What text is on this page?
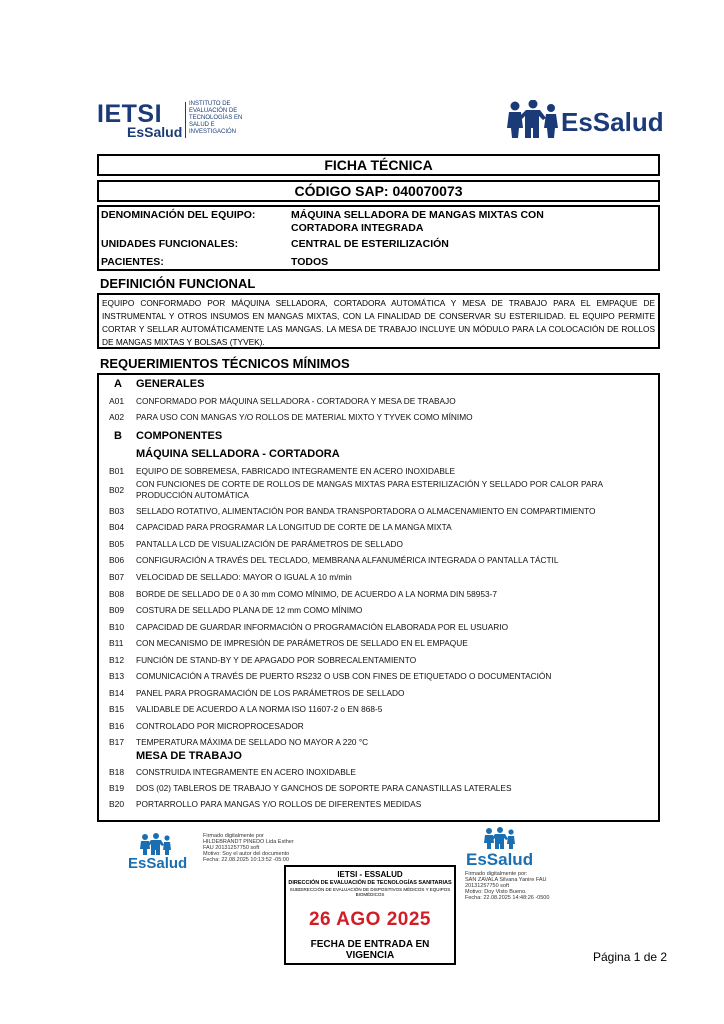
IETSI
EsSalud
INSTITUTO DE EVALUACIÓN DE TECNOLOGÍAS EN SALUD E INVESTIGACIÓN	EsSalud
FICHA TÉCNICA
CÓDIGO SAP: 040070073
DENOMINACIÓN DEL EQUIPO:	MÁQUINA SELLADORA DE MANGAS MIXTAS CON
CORTADORA INTEGRADA
UNIDADES FUNCIONALES:	CENTRAL DE ESTERILIZACIÓN
PACIENTES:	TODOS
DEFINICIÓN FUNCIONAL
EQUIPO CONFORMADO POR MÁQUINA SELLADORA, CORTADORA AUTOMÁTICA Y MESA DE TRABAJO PARA EL EMPAQUE DE INSTRUMENTAL Y OTROS INSUMOS EN MANGAS MIXTAS, CON LA FINALIDAD DE CONSERVAR SU ESTERILIDAD. EL EQUIPO PERMITE CORTAR Y SELLAR AUTOMÁTICAMENTE LAS MANGAS. LA MESA DE TRABAJO INCLUYE UN MÓDULO PARA LA COLOCACIÓN DE ROLLOS DE MANGAS MIXTAS Y BOLSAS (TYVEK).
REQUERIMIENTOS TÉCNICOS MÍNIMOS
A GENERALES
A01 CONFORMADO POR MÁQUINA SELLADORA - CORTADORA Y MESA DE TRABAJO
A02 PARA USO CON MANGAS Y/O ROLLOS DE MATERIAL MIXTO Y TYVEK COMO MÍNIMO
B COMPONENTES
MÁQUINA SELLADORA - CORTADORA
B01 EQUIPO DE SOBREMESA, FABRICADO INTEGRAMENTE EN ACERO INOXIDABLE
B02
CON FUNCIONES DE CORTE DE ROLLOS DE MANGAS MIXTAS PARA ESTERILIZACIÓN Y SELLADO POR CALOR PARA PRODUCCIÓN AUTOMÁTICA
B03 SELLADO ROTATIVO, ALIMENTACIÓN POR BANDA TRANSPORTADORA O ALMACENAMIENTO EN COMPARTIMIENTO
B04 CAPACIDAD PARA PROGRAMAR LA LONGITUD DE CORTE DE LA MANGA MIXTA
B05 PANTALLA LCD DE VISUALIZACIÓN DE PARÁMETROS DE SELLADO
B06 CONFIGURACIÓN A TRAVÉS DEL TECLADO, MEMBRANA ALFANUMÉRICA INTEGRADA O PANTALLA TÁCTIL
B07 VELOCIDAD DE SELLADO: MAYOR O IGUAL A 10 m/min
B08 BORDE DE SELLADO DE 0 A 30 mm COMO MÍNIMO, DE ACUERDO A LA NORMA DIN 58953-7
B09 COSTURA DE SELLADO PLANA DE 12 mm COMO MÍNIMO
B10 CAPACIDAD DE GUARDAR INFORMACIÓN O PROGRAMACIÓN ELABORADA POR EL USUARIO
B11 CON MECANISMO DE IMPRESIÓN DE PARÁMETROS DE SELLADO EN EL EMPAQUE
B12 FUNCIÓN DE STAND-BY Y DE APAGADO POR SOBRECALENTAMIENTO
B13 COMUNICACIÓN A TRAVÉS DE PUERTO RS232 O USB CON FINES DE ETIQUETADO O DOCUMENTACIÓN
B14 PANEL PARA PROGRAMACIÓN DE LOS PARÁMETROS DE SELLADO
B15 VALIDABLE DE ACUERDO A LA NORMA ISO 11607-2 o EN 868-5
B16 CONTROLADO POR MICROPROCESADOR
B17 TEMPERATURA MÁXIMA DE SELLADO NO MAYOR A 220 °C
MESA DE TRABAJO
B18 CONSTRUIDA INTEGRAMENTE EN ACERO INOXIDABLE
B19 DOS (02) TABLEROS DE TRABAJO Y GANCHOS DE SOPORTE PARA CANASTILLAS LATERALES
B20 PORTARROLLO PARA MANGAS Y/O ROLLOS DE DIFERENTES MEDIDAS
EsSalud
Firmado digitalmente por
HILDEBRANDT PINEDO Lida Esther
FAU 20131257750 soft
Motivo: Soy el autor del documento
Fecha: 22.08.2025 10:13:52 -05:00	EsSalud
Firmado digitalmente por:
SAN ZAVALA Silvana Yanire FAU
20131257750 soft
Motivo: Doy Visto Bueno.
Fecha: 22.08.2025 14:48:26 -0500
IETSI - ESSALUD
DIRECCIÓN DE EVALUACIÓN DE TECNOLOGÍAS SANITARIAS
SUBDIRECCIÓN DE EVALUACIÓN DE DISPOSITIVOS MÉDICOS Y EQUIPOS BIOMÉDICOS
26 AGO 2025
FECHA DE ENTRADA EN VIGENCIA	Página 1 de 2
